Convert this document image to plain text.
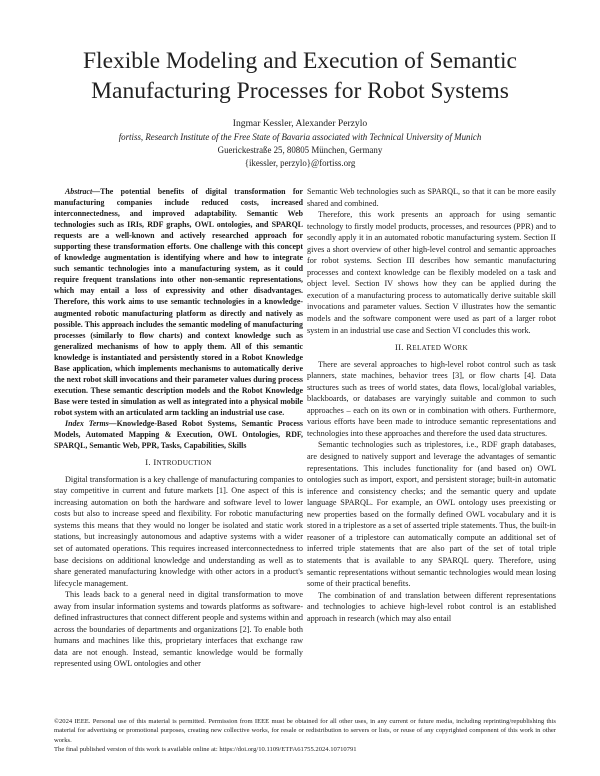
Flexible Modeling and Execution of Semantic
Manufacturing Processes for Robot Systems
Ingmar Kessler, Alexander Perzylo
fortiss, Research Institute of the Free State of Bavaria associated with Technical University of Munich
Guerickestraße 25, 80805 München, Germany
{ikessler, perzylo}@fortiss.org

Abstract—The potential benefits of digital transformation for manufacturing companies include reduced costs, increased interconnectedness, and improved adaptability. Semantic Web technologies such as IRIs, RDF graphs, OWL ontologies, and SPARQL requests are a well-known and actively researched approach for supporting these transformation efforts. One challenge with this concept of knowledge augmentation is identifying where and how to integrate such semantic technologies into a manufacturing system, as it could require frequent translations into other non-semantic representations, which may entail a loss of expressivity and other disadvantages. Therefore, this work aims to use semantic technologies in a knowledge-augmented robotic manufacturing platform as directly and natively as possible. This approach includes the semantic modeling of manufacturing processes (similarly to flow charts) and context knowledge such as generalized mechanisms of how to apply them. All of this semantic knowledge is instantiated and persistently stored in a Robot Knowledge Base application, which implements mechanisms to automatically derive the next robot skill invocations and their parameter values during process execution. These semantic description models and the Robot Knowledge Base were tested in simulation as well as integrated into a physical mobile robot system with an articulated arm tackling an industrial use case.

Index Terms—Knowledge-Based Robot Systems, Semantic Process Models, Automated Mapping & Execution, OWL Ontologies, RDF, SPARQL, Semantic Web, PPR, Tasks, Capabilities, Skills

I. INTRODUCTION

Digital transformation is a key challenge of manufacturing companies to stay competitive in current and future markets [1]. One aspect of this is increasing automation on both the hardware and software level to lower costs but also to increase speed and flexibility. For robotic manufacturing systems this means that they would no longer be isolated and static work stations, but increasingly autonomous and adaptive systems with a wider set of automated operations. This requires increased interconnectedness to base decisions on additional knowledge and understanding as well as to share generated manufacturing knowledge with other actors in a product's lifecycle management.

This leads back to a general need in digital transformation to move away from insular information systems and towards platforms as software-defined infrastructures that connect different people and systems within and across the boundaries of departments and organizations [2]. To enable both humans and machines like this, proprietary interfaces that exchange raw data are not enough. Instead, semantic knowledge would be formally represented using OWL ontologies and other

Semantic Web technologies such as SPARQL, so that it can be more easily shared and combined.

Therefore, this work presents an approach for using semantic technology to firstly model products, processes, and resources (PPR) and to secondly apply it in an automated robotic manufacturing system. Section II gives a short overview of other high-level control and semantic approaches for robot systems. Section III describes how semantic manufacturing processes and context knowledge can be flexibly modeled on a task and object level. Section IV shows how they can be applied during the execution of a manufacturing process to automatically derive suitable skill invocations and parameter values. Section V illustrates how the semantic models and the software component were used as part of a larger robot system in an industrial use case and Section VI concludes this work.

II. RELATED WORK

There are several approaches to high-level robot control such as task planners, state machines, behavior trees [3], or flow charts [4]. Data structures such as trees of world states, data flows, local/global variables, blackboards, or databases are varyingly suitable and common to such approaches – each on its own or in combination with others. Furthermore, various efforts have been made to introduce semantic representations and technologies into these approaches and therefore the used data structures.

Semantic technologies such as triplestores, i.e., RDF graph databases, are designed to natively support and leverage the advantages of semantic representations. This includes functionality for (and based on) OWL ontologies such as import, export, and persistent storage; built-in automatic inference and consistency checks; and the semantic query and update language SPARQL. For example, an OWL ontology uses preexisting or new properties based on the formally defined OWL vocabulary and it is stored in a triplestore as a set of asserted triple statements. Thus, the built-in reasoner of a triplestore can automatically compute an additional set of inferred triple statements that are also part of the set of total triple statements that is available to any SPARQL query. Therefore, using semantic representations without semantic technologies would mean losing some of their practical benefits.

The combination of and translation between different representations and technologies to achieve high-level robot control is an established approach in research (which may also entail

©2024 IEEE. Personal use of this material is permitted. Permission from IEEE must be obtained for all other uses, in any current or future media, including reprinting/republishing this material for advertising or promotional purposes, creating new collective works, for resale or redistribution to servers or lists, or reuse of any copyrighted component of this work in other works.
The final published version of this work is available online at: https://doi.org/10.1109/ETFA61755.2024.10710791
